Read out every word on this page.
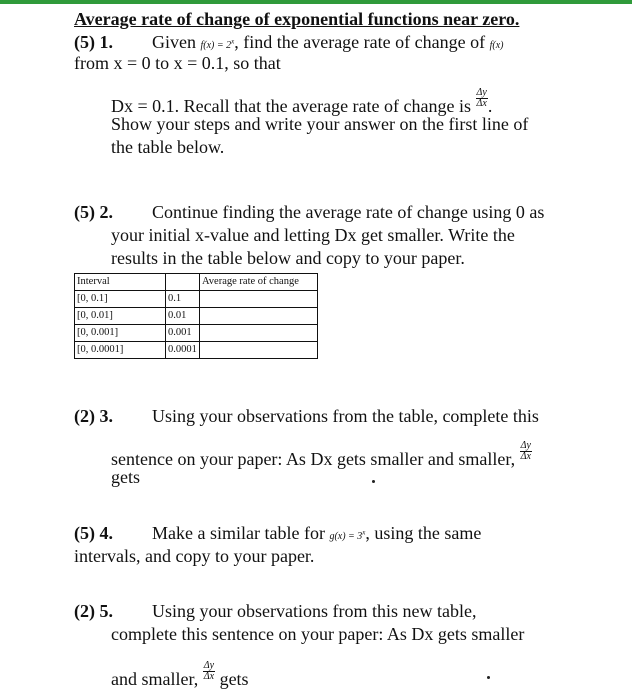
Average rate of change of exponential functions near zero.
(5) 1. Given $f(x) = 2^x$, find the average rate of change of f(x)
from x = 0 to x = 0.1, so that
Dx = 0.1. Recall that the average rate of change is $\frac{\Delta y}{\Delta x}$ .
Show your steps and write your answer on the first line of
the table below.
(5) 2. Continue finding the average rate of change using 0 as
your initial x-value and letting Dx get smaller. Write the
results in the table below and copy to your paper.
Interval		Average rate of change
[0, 0.1]	0.1	
[0, 0.01]	0.01	
[0, 0.001]	0.001	
[0, 0.0001]	0.0001	
(2) 3. Using your observations from the table, complete this
sentence on your paper: As Dx gets smaller and smaller, $\frac{\Delta y}{\Delta x}$
gets
(5) 4. Make a similar table for $g(x) = 3^x$, using the same
intervals, and copy to your paper.
(2) 5. Using your observations from this new table,
complete this sentence on your paper: As Dx gets smaller
and smaller, $\frac{\Delta y}{\Delta x}$ gets
